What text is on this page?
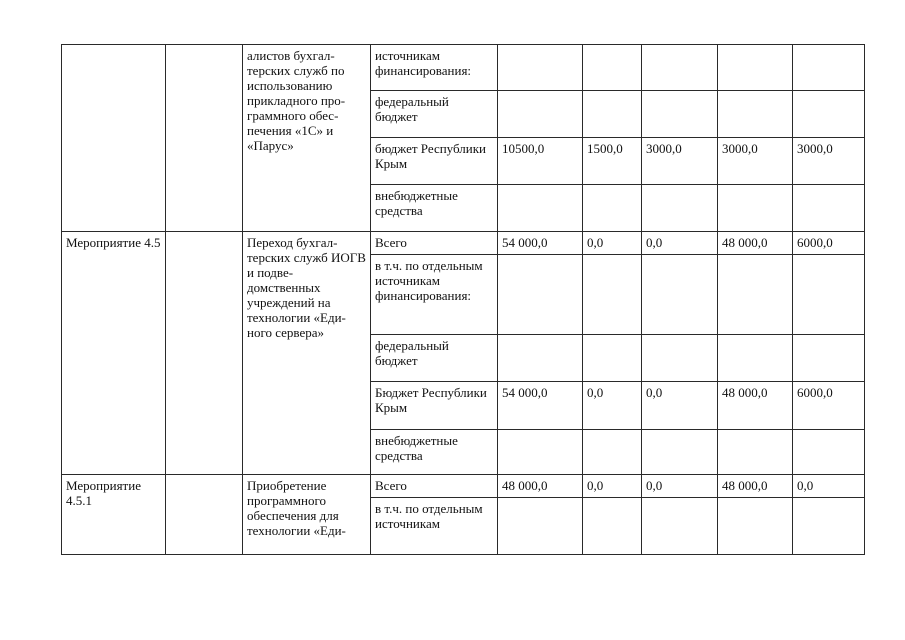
		алистов бухгал-терских служб по использованию прикладного про-граммного обес-печения «1С» и «Парус»	источникам финансирования:					
			федеральный бюджет					
			бюджет Республики Крым	10500,0	1500,0	3000,0	3000,0	3000,0
			внебюджетные средства					
Мероприятие 4.5		Переход бухгал-терских служб ИОГВ и подве-домственных учреждений на технологии «Еди-ного сервера»	Всего	54 000,0	0,0	0,0	48 000,0	6000,0
			в т.ч. по отдельным источникам финансирования:					
			федеральный бюджет					
			Бюджет Республики Крым	54 000,0	0,0	0,0	48 000,0	6000,0
			внебюджетные средства					
Мероприятие 4.5.1		Приобретение программного обеспечения для технологии «Еди-	Всего	48 000,0	0,0	0,0	48 000,0	0,0
			в т.ч. по отдельным источникам					
